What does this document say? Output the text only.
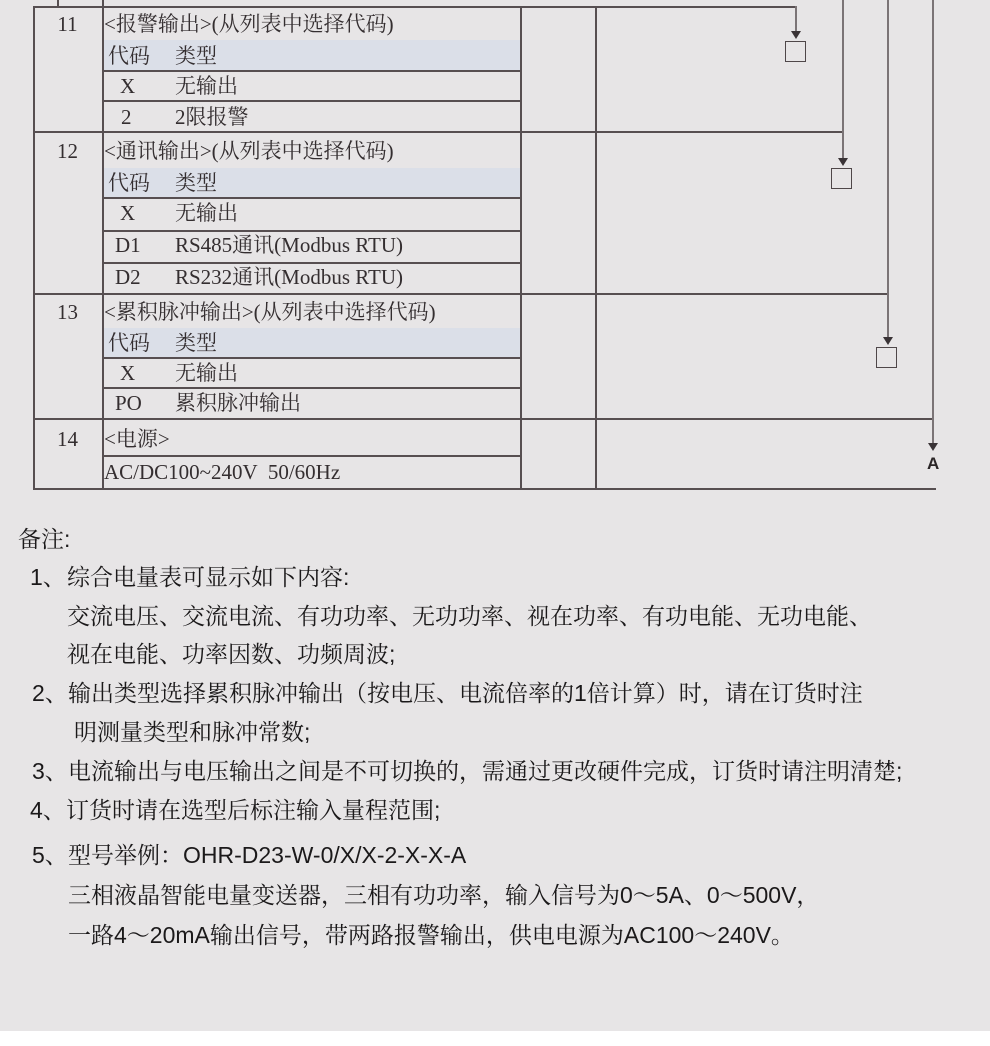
11	<报警输出>(从列表中选择代码)
代码 类型
X 无输出
2 2限报警
12	<通讯输出>(从列表中选择代码)
代码 类型
X 无输出
D1 RS485通讯(Modbus RTU)
D2 RS232通讯(Modbus RTU)
13	<累积脉冲输出>(从列表中选择代码)
代码 类型
X 无输出
PO 累积脉冲输出
14	<电源>
AC/DC100~240V  50/60Hz	A
备注:
1、 综合电量表可显示如下内容:
交流电压、交流电流、有功功率、无功功率、视在功率、有功电能、无功电能、
视在电能、功率因数、功频周波;
2、 输出类型选择累积脉冲输出（按电压、电流倍率的1倍计算）时，请在订货时注
明测量类型和脉冲常数;
3、 电流输出与电压输出之间是不可切换的，需通过更改硬件完成，订货时请注明清楚;
4、 订货时请在选型后标注输入量程范围;
5、 型号举例：OHR-D23-W-0/X/X-2-X-X-A
三相液晶智能电量变送器，三相有功功率，输入信号为0～5A、0～500V，
一路4～20mA输出信号，带两路报警输出，供电电源为AC100～240V。
